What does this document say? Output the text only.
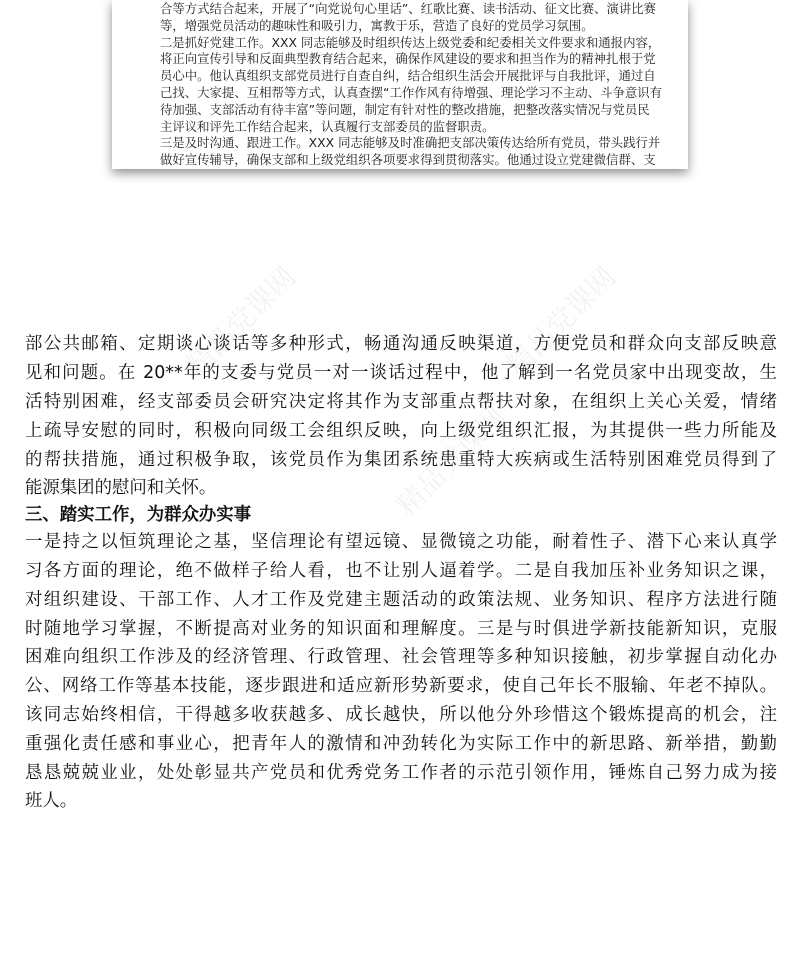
合等方式结合起来，开展了“向党说句心里话”、红歌比赛、读书活动、征文比赛、演讲比赛
等，增强党员活动的趣味性和吸引力，寓教于乐，营造了良好的党员学习氛围。
二是抓好党建工作。XXX 同志能够及时组织传达上级党委和纪委相关文件要求和通报内容，
将正向宣传引导和反面典型教育结合起来，确保作风建设的要求和担当作为的精神扎根于党
员心中。他认真组织支部党员进行自查自纠，结合组织生活会开展批评与自我批评，通过自
己找、大家提、互相帮等方式，认真查摆“工作作风有待增强、理论学习不主动、斗争意识有
待加强、支部活动有待丰富”等问题，制定有针对性的整改措施，把整改落实情况与党员民
主评议和评先工作结合起来，认真履行支部委员的监督职责。
三是及时沟通、跟进工作。XXX 同志能够及时准确把支部决策传达给所有党员，带头践行并
做好宣传辅导，确保支部和上级党组织各项要求得到贯彻落实。他通过设立党建微信群、支
精品党课网	精品党课网
精品党课网
部公共邮箱、定期谈心谈话等多种形式，畅通沟通反映渠道，方便党员和群众向支部反映意
见和问题。在 20**年的支委与党员一对一谈话过程中，他了解到一名党员家中出现变故，生
活特别困难，经支部委员会研究决定将其作为支部重点帮扶对象，在组织上关心关爱，情绪
上疏导安慰的同时，积极向同级工会组织反映，向上级党组织汇报，为其提供一些力所能及
的帮扶措施，通过积极争取，该党员作为集团系统患重特大疾病或生活特别困难党员得到了
能源集团的慰问和关怀。
三、踏实工作，为群众办实事
一是持之以恒筑理论之基，坚信理论有望远镜、显微镜之功能，耐着性子、潜下心来认真学
习各方面的理论，绝不做样子给人看，也不让别人逼着学。二是自我加压补业务知识之课，
对组织建设、干部工作、人才工作及党建主题活动的政策法规、业务知识、程序方法进行随
时随地学习掌握，不断提高对业务的知识面和理解度。三是与时俱进学新技能新知识，克服
困难向组织工作涉及的经济管理、行政管理、社会管理等多种知识接触，初步掌握自动化办
公、网络工作等基本技能，逐步跟进和适应新形势新要求，使自己年长不服输、年老不掉队。
该同志始终相信，干得越多收获越多、成长越快，所以他分外珍惜这个锻炼提高的机会，注
重强化责任感和事业心，把青年人的激情和冲劲转化为实际工作中的新思路、新举措，勤勤
恳恳兢兢业业，处处彰显共产党员和优秀党务工作者的示范引领作用，锤炼自己努力成为接
班人。
